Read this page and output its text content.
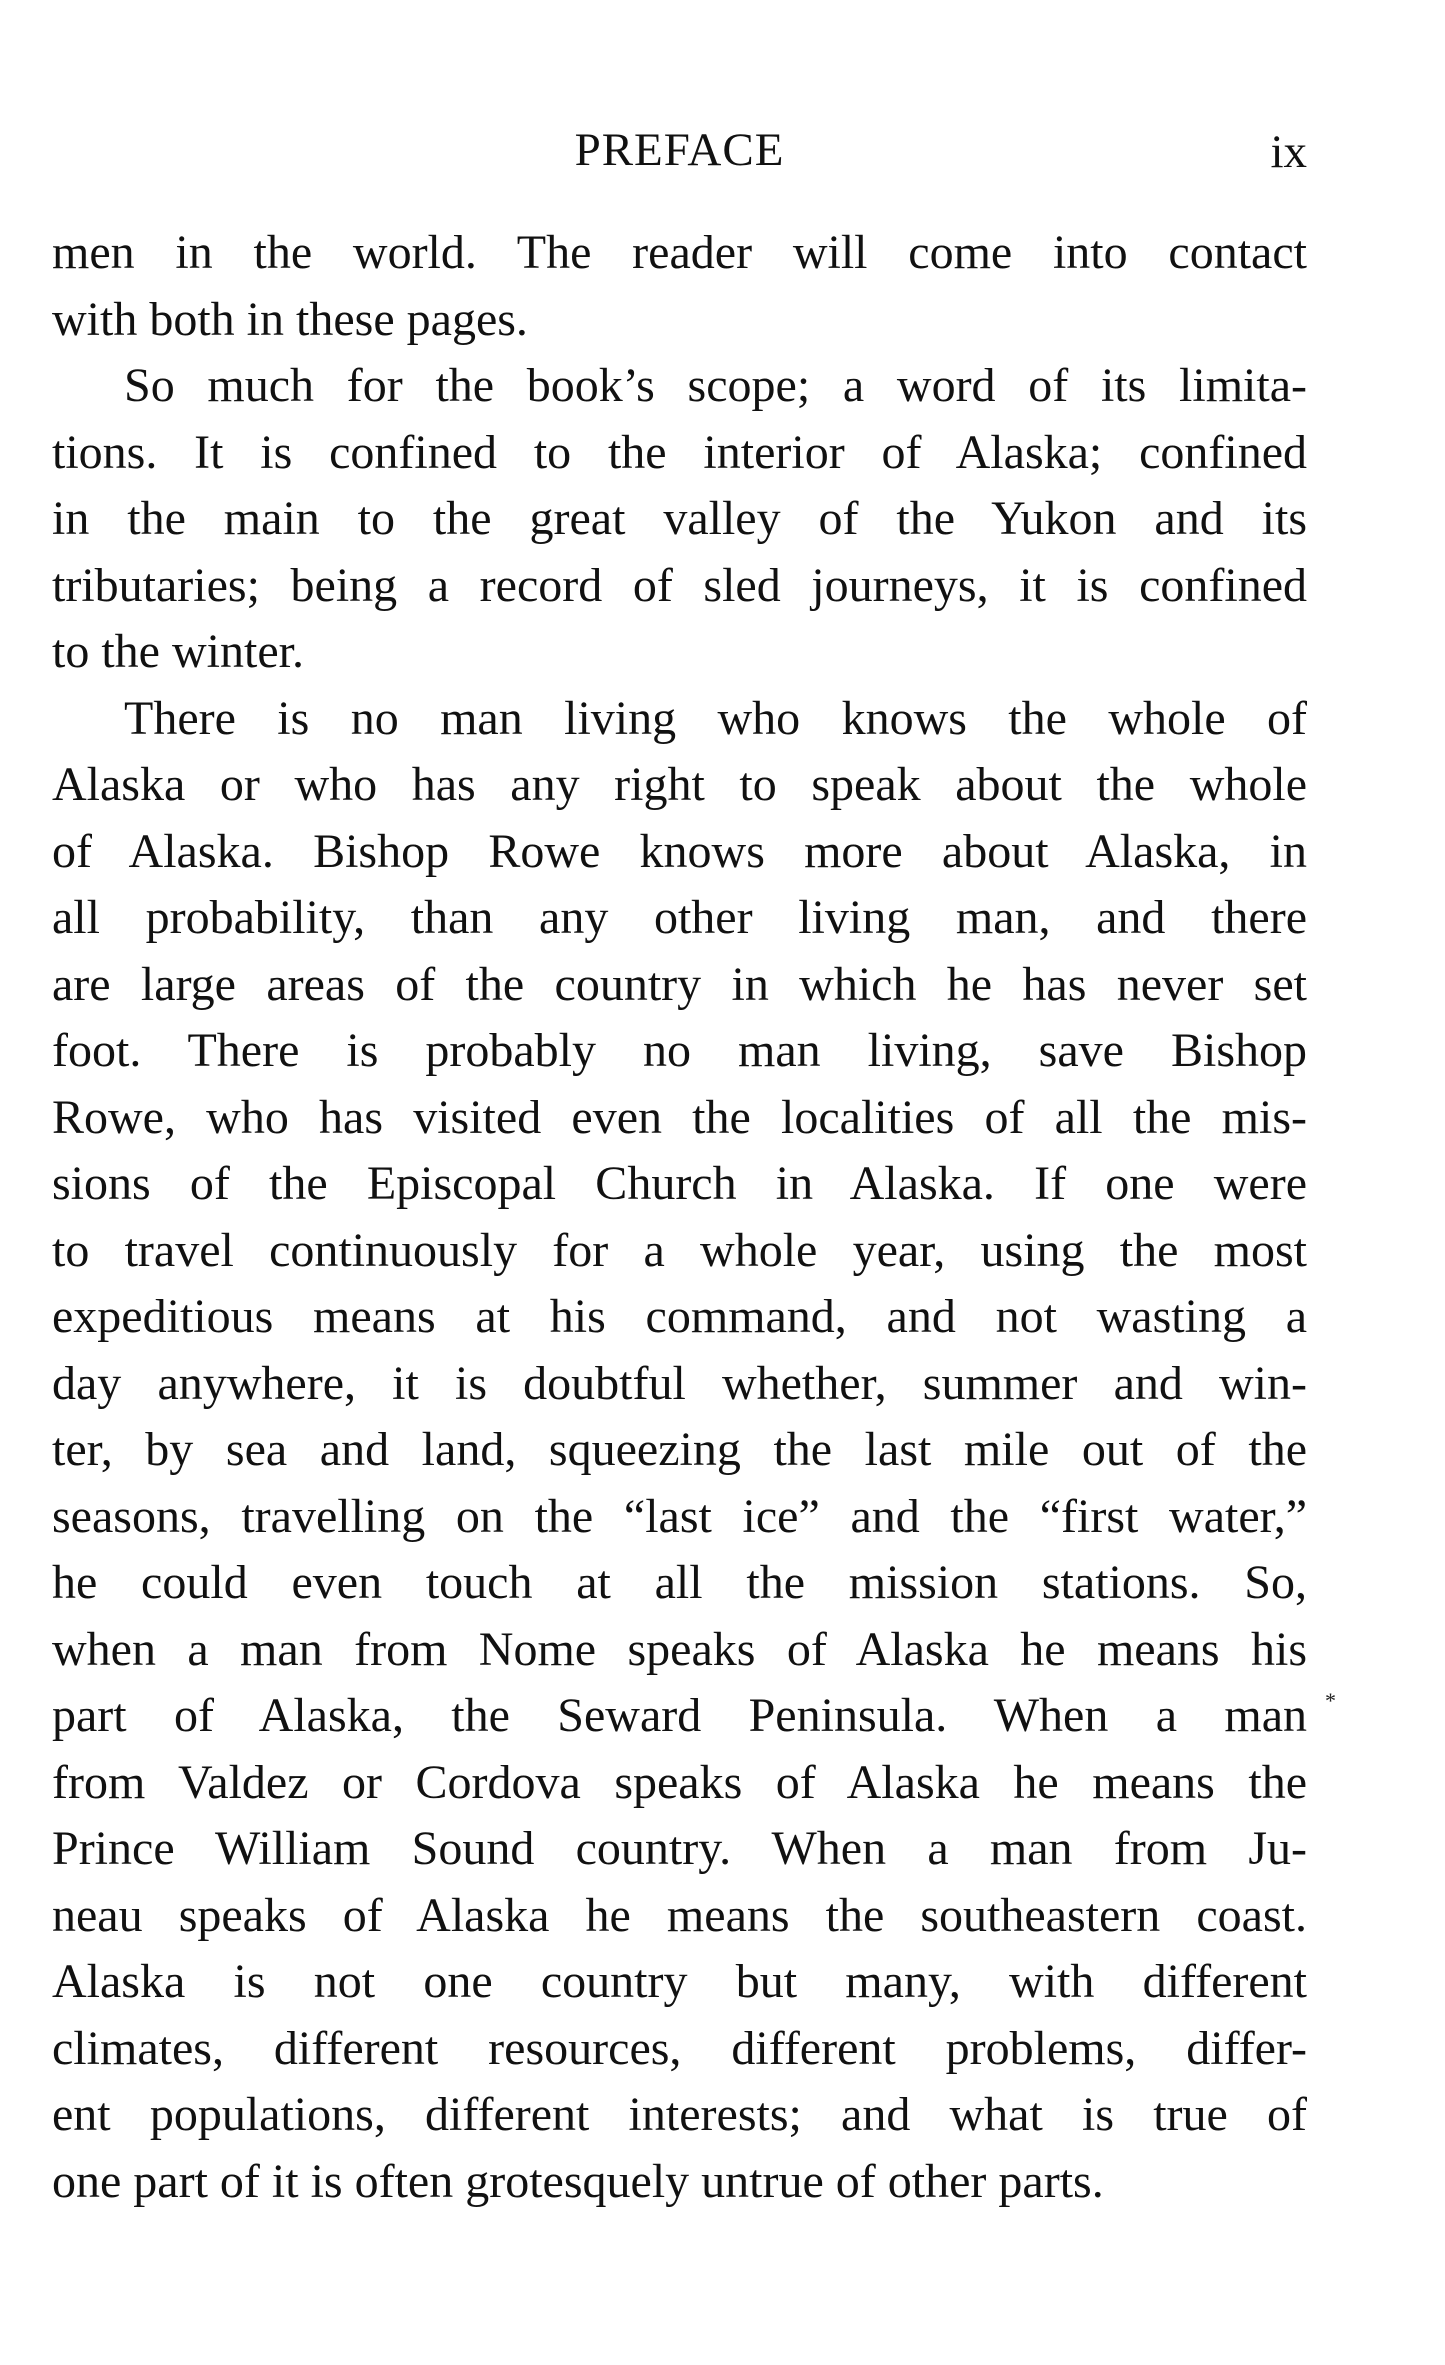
PREFACE	ix
men in the world. The reader will come into contact
with both in these pages.
So much for the book’s scope; a word of its limita-
tions. It is confined to the interior of Alaska; confined
in the main to the great valley of the Yukon and its
tributaries; being a record of sled journeys, it is confined
to the winter.
There is no man living who knows the whole of
Alaska or who has any right to speak about the whole
of Alaska. Bishop Rowe knows more about Alaska, in
all probability, than any other living man, and there
are large areas of the country in which he has never set
foot. There is probably no man living, save Bishop
Rowe, who has visited even the localities of all the mis-
sions of the Episcopal Church in Alaska. If one were
to travel continuously for a whole year, using the most
expeditious means at his command, and not wasting a
day anywhere, it is doubtful whether, summer and win-
ter, by sea and land, squeezing the last mile out of the
seasons, travelling on the “last ice” and the “first water,”
he could even touch at all the mission stations. So,
when a man from Nome speaks of Alaska he means his
part of Alaska, the Seward Peninsula. When a man
from Valdez or Cordova speaks of Alaska he means the
Prince William Sound country. When a man from Ju-
neau speaks of Alaska he means the southeastern coast.
Alaska is not one country but many, with different
climates, different resources, different problems, differ-
ent populations, different interests; and what is true of
one part of it is often grotesquely untrue of other parts.
*
